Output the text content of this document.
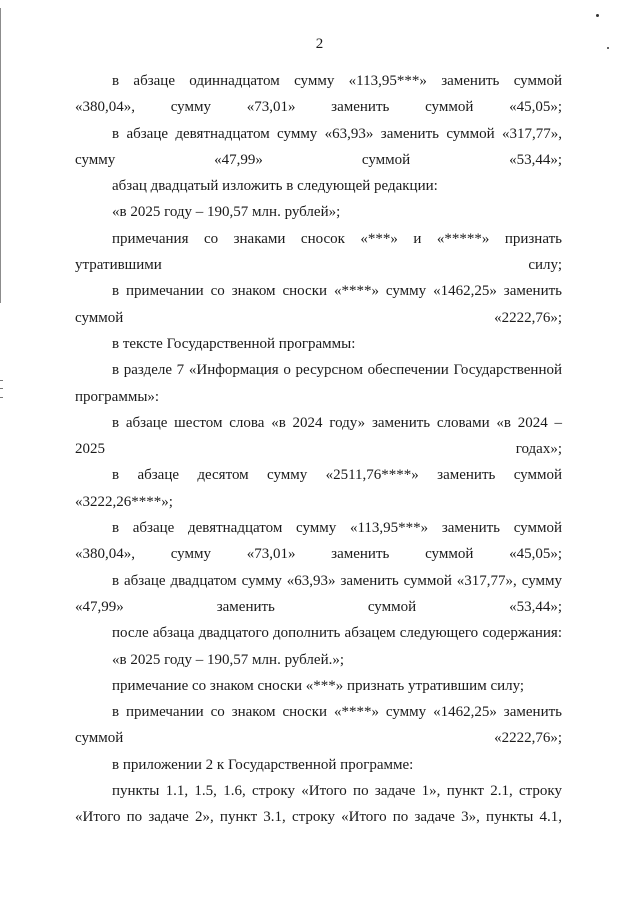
2

в абзаце одиннадцатом сумму «113,95***» заменить суммой «380,04», сумму «73,01» заменить суммой «45,05»;

в абзаце девятнадцатом сумму «63,93» заменить суммой «317,77», сумму «47,99» суммой «53,44»;

абзац двадцатый изложить в следующей редакции:

«в 2025 году – 190,57 млн. рублей»;

примечания со знаками сносок «***» и «*****» признать утратившими силу;

в примечании со знаком сноски «****» сумму «1462,25» заменить суммой «2222,76»;

в тексте Государственной программы:

в разделе 7 «Информация о ресурсном обеспечении Государственной программы»:

в абзаце шестом слова «в 2024 году» заменить словами «в 2024 – 2025 годах»;

в абзаце десятом сумму «2511,76****» заменить суммой «3222,26****»;

в абзаце девятнадцатом сумму «113,95***» заменить суммой «380,04», сумму «73,01» заменить суммой «45,05»;

в абзаце двадцатом сумму «63,93» заменить суммой «317,77», сумму «47,99» заменить суммой «53,44»;

после абзаца двадцатого дополнить абзацем следующего содержания:

«в 2025 году – 190,57 млн. рублей.»;

примечание со знаком сноски «***» признать утратившим силу;

в примечании со знаком сноски «****» сумму «1462,25» заменить суммой «2222,76»;

в приложении 2 к Государственной программе:

пункты 1.1, 1.5, 1.6, строку «Итого по задаче 1», пункт 2.1, строку «Итого по задаче 2», пункт 3.1, строку «Итого по задаче 3», пункты 4.1,
